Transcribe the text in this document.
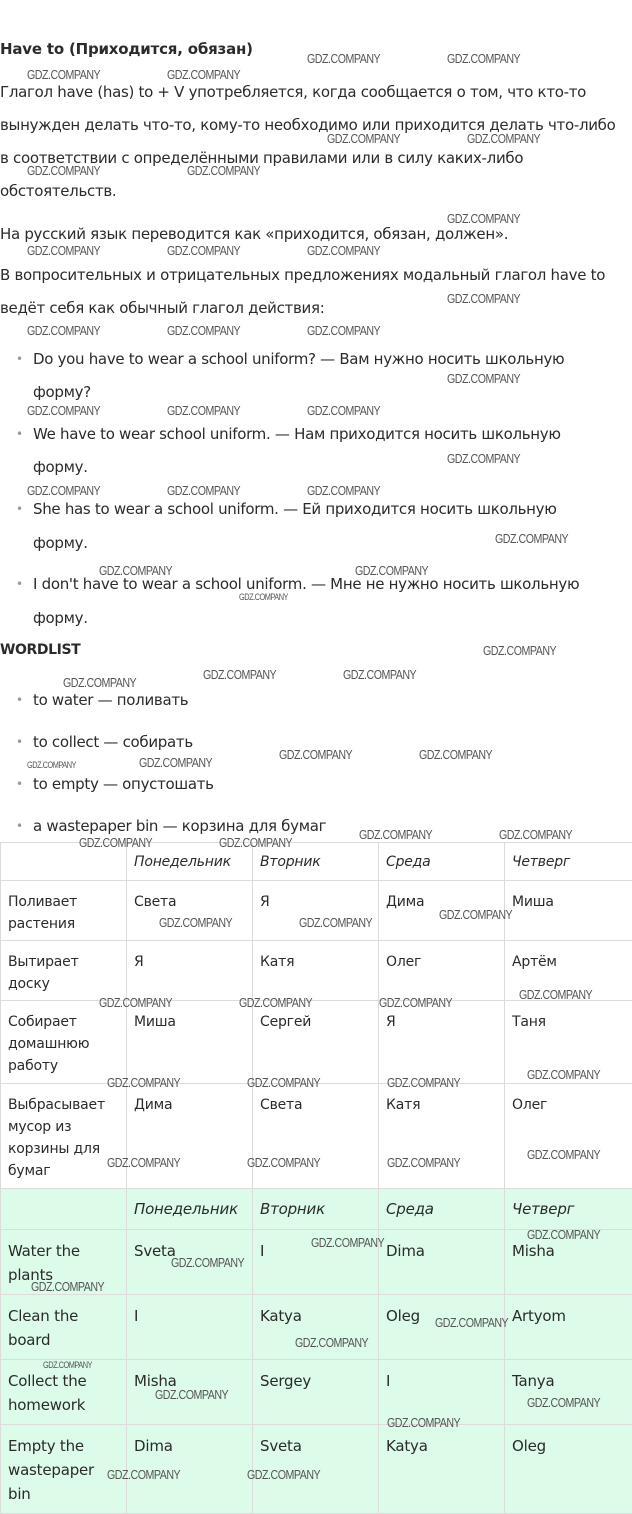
Have to (Приходится, обязан)
Глагол have (has) to + V употребляется, когда сообщается о том, что кто-то
вынужден делать что-то, кому-то необходимо или приходится делать что-либо
в соответствии с определёнными правилами или в силу каких-либо
обстоятельств.
На русский язык переводится как «приходится, обязан, должен».
В вопросительных и отрицательных предложениях модальный глагол have to
ведёт себя как обычный глагол действия:
• Do you have to wear a school uniform? — Вам нужно носить школьную
форму?
• We have to wear school uniform. — Нам приходится носить школьную
форму.
• She has to wear a school uniform. — Ей приходится носить школьную
форму.
• I don't have to wear a school uniform. — Мне не нужно носить школьную
форму.
WORDLIST
• to water — поливать
• to collect — собирать
• to empty — опустошать
• a wastepaper bin — корзина для бумаг
	Понедельник	Вторник	Среда	Четверг
Поливает растения	Света	Я	Дима	Миша
Вытирает доску	Я	Катя	Олег	Артём
Собирает домашнюю работу	Миша	Сергей	Я	Таня
Выбрасывает мусор из корзины для бумаг	Дима	Света	Катя	Олег
	Понедельник	Вторник	Среда	Четверг
Water the plants	Sveta	I	Dima	Misha
Clean the board	I	Katya	Oleg	Artyom
Collect the homework	Misha	Sergey	I	Tanya
Empty the wastepaper bin	Dima	Sveta	Katya	Oleg
GDZ.COMPANY	GDZ.COMPANY
GDZ.COMPANY	GDZ.COMPANY
GDZ.COMPANY	GDZ.COMPANY
GDZ.COMPANY	GDZ.COMPANY
GDZ.COMPANY
GDZ.COMPANY	GDZ.COMPANY	GDZ.COMPANY
GDZ.COMPANY
GDZ.COMPANY	GDZ.COMPANY	GDZ.COMPANY
GDZ.COMPANY
GDZ.COMPANY	GDZ.COMPANY	GDZ.COMPANY
GDZ.COMPANY
GDZ.COMPANY	GDZ.COMPANY	GDZ.COMPANY
GDZ.COMPANY
GDZ.COMPANY	GDZ.COMPANY
GDZ.COMPANY
GDZ.COMPANY
GDZ.COMPANY	GDZ.COMPANY
GDZ.COMPANY
GDZ.COMPANY	GDZ.COMPANY
GDZ.COMPANY	GDZ.COMPANY
GDZ.COMPANY	GDZ.COMPANY
GDZ.COMPANY	GDZ.COMPANY
GDZ.COMPANY	GDZ.COMPANY
GDZ.COMPANY
GDZ.COMPANY
GDZ.COMPANY	GDZ.COMPANY	GDZ.COMPANY
GDZ.COMPANY
GDZ.COMPANY	GDZ.COMPANY	GDZ.COMPANY
GDZ.COMPANY
GDZ.COMPANY	GDZ.COMPANY	GDZ.COMPANY
GDZ.COMPANY
GDZ.COMPANY
GDZ.COMPANY
GDZ.COMPANY
GDZ.COMPANY
GDZ.COMPANY
GDZ.COMPANY
GDZ.COMPANY
GDZ.COMPANY
GDZ.COMPANY
GDZ.COMPANY	GDZ.COMPANY
